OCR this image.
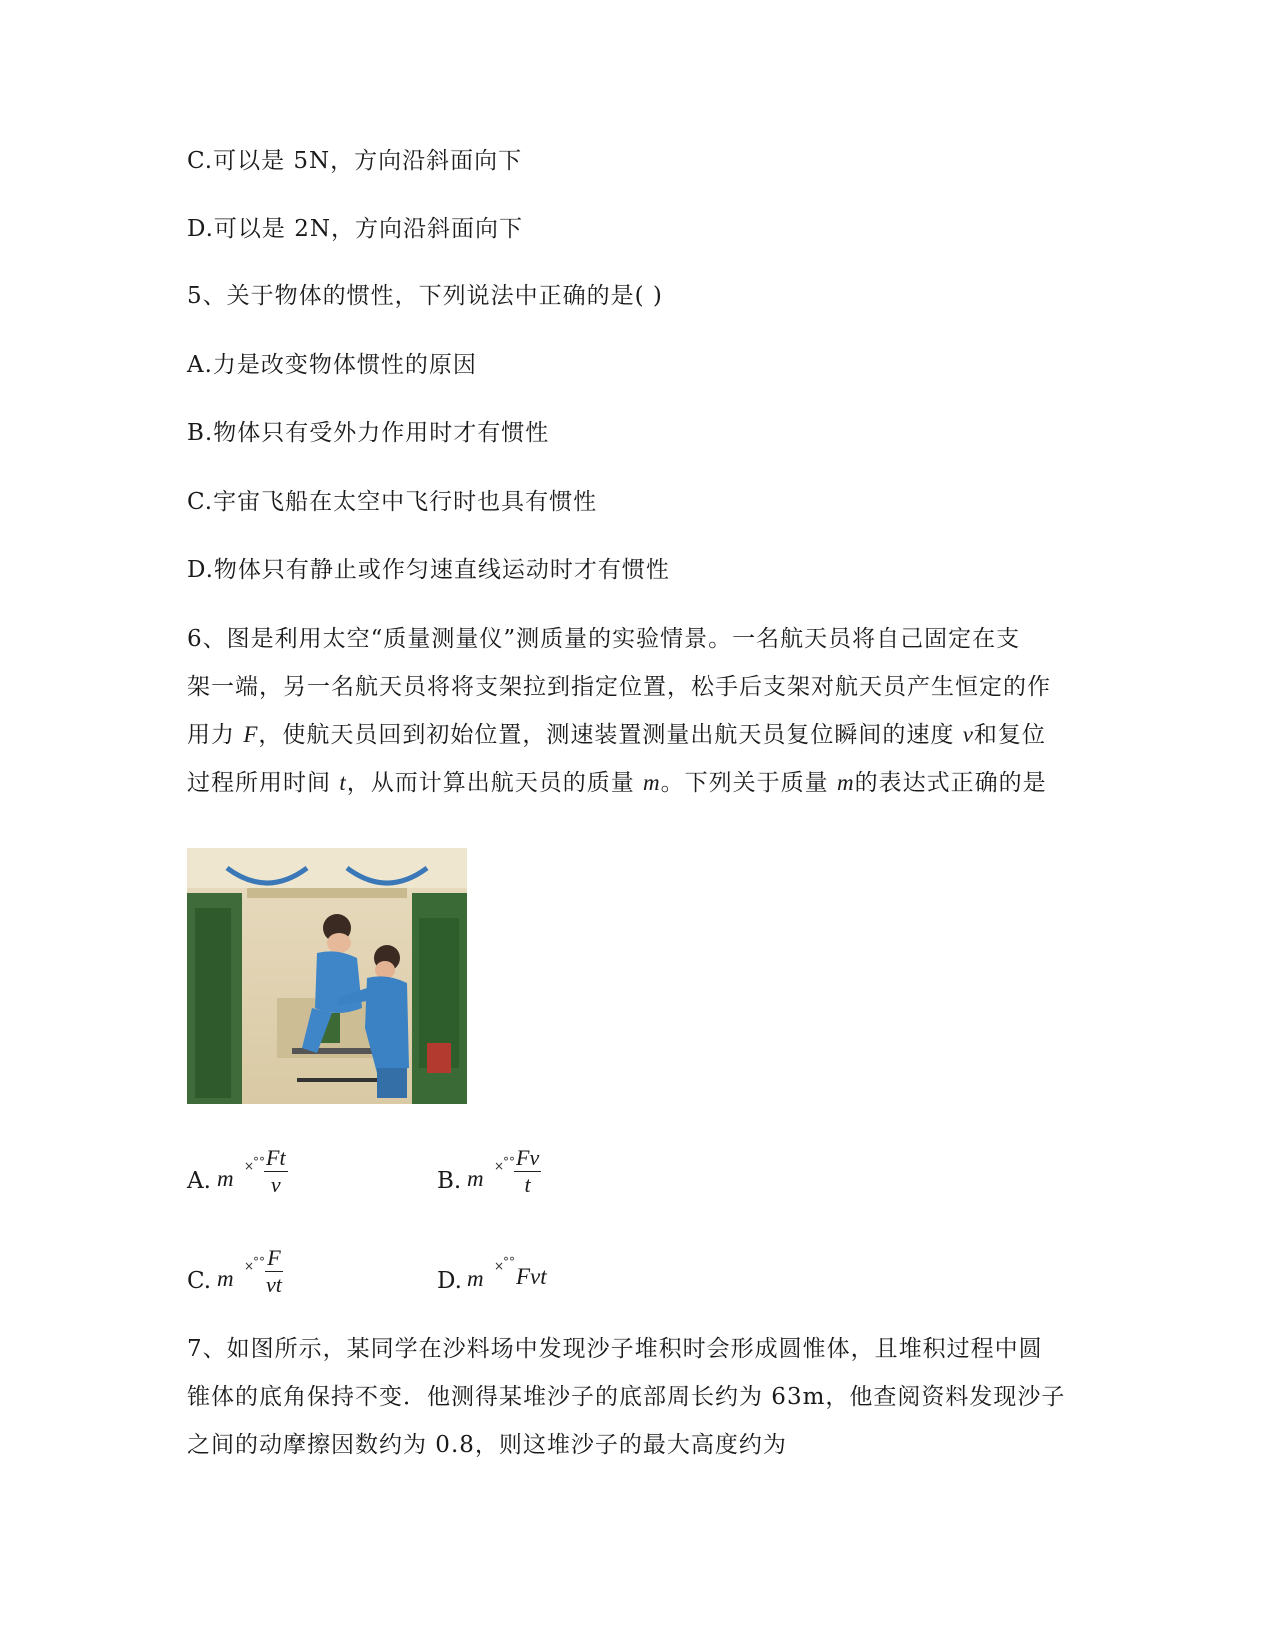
C.可以是 5N，方向沿斜面向下
D.可以是 2N，方向沿斜面向下
5、关于物体的惯性，下列说法中正确的是( )
A.力是改变物体惯性的原因
B.物体只有受外力作用时才有惯性
C.宇宙飞船在太空中飞行时也具有惯性
D.物体只有静止或作匀速直线运动时才有惯性
6、图是利用太空“质量测量仪”测质量的实验情景。一名航天员将自己固定在支
架一端，另一名航天员将将支架拉到指定位置，松手后支架对航天员产生恒定的作
用力 F，使航天员回到初始位置，测速装置测量出航天员复位瞬间的速度 v和复位
过程所用时间 t，从而计算出航天员的质量 m。下列关于质量 m的表达式正确的是
A. m ×
°° $\frac{Ft}{v}$	B. m ×
°° $\frac{Fv}{t}$
C. m ×
°° $\frac{F}{vt}$	D. m ×
°°
Fvt
7、如图所示，某同学在沙料场中发现沙子堆积时会形成圆惟体，且堆积过程中圆
锥体的底角保持不变．他测得某堆沙子的底部周长约为 63m，他查阅资料发现沙子
之间的动摩擦因数约为 0.8，则这堆沙子的最大高度约为
